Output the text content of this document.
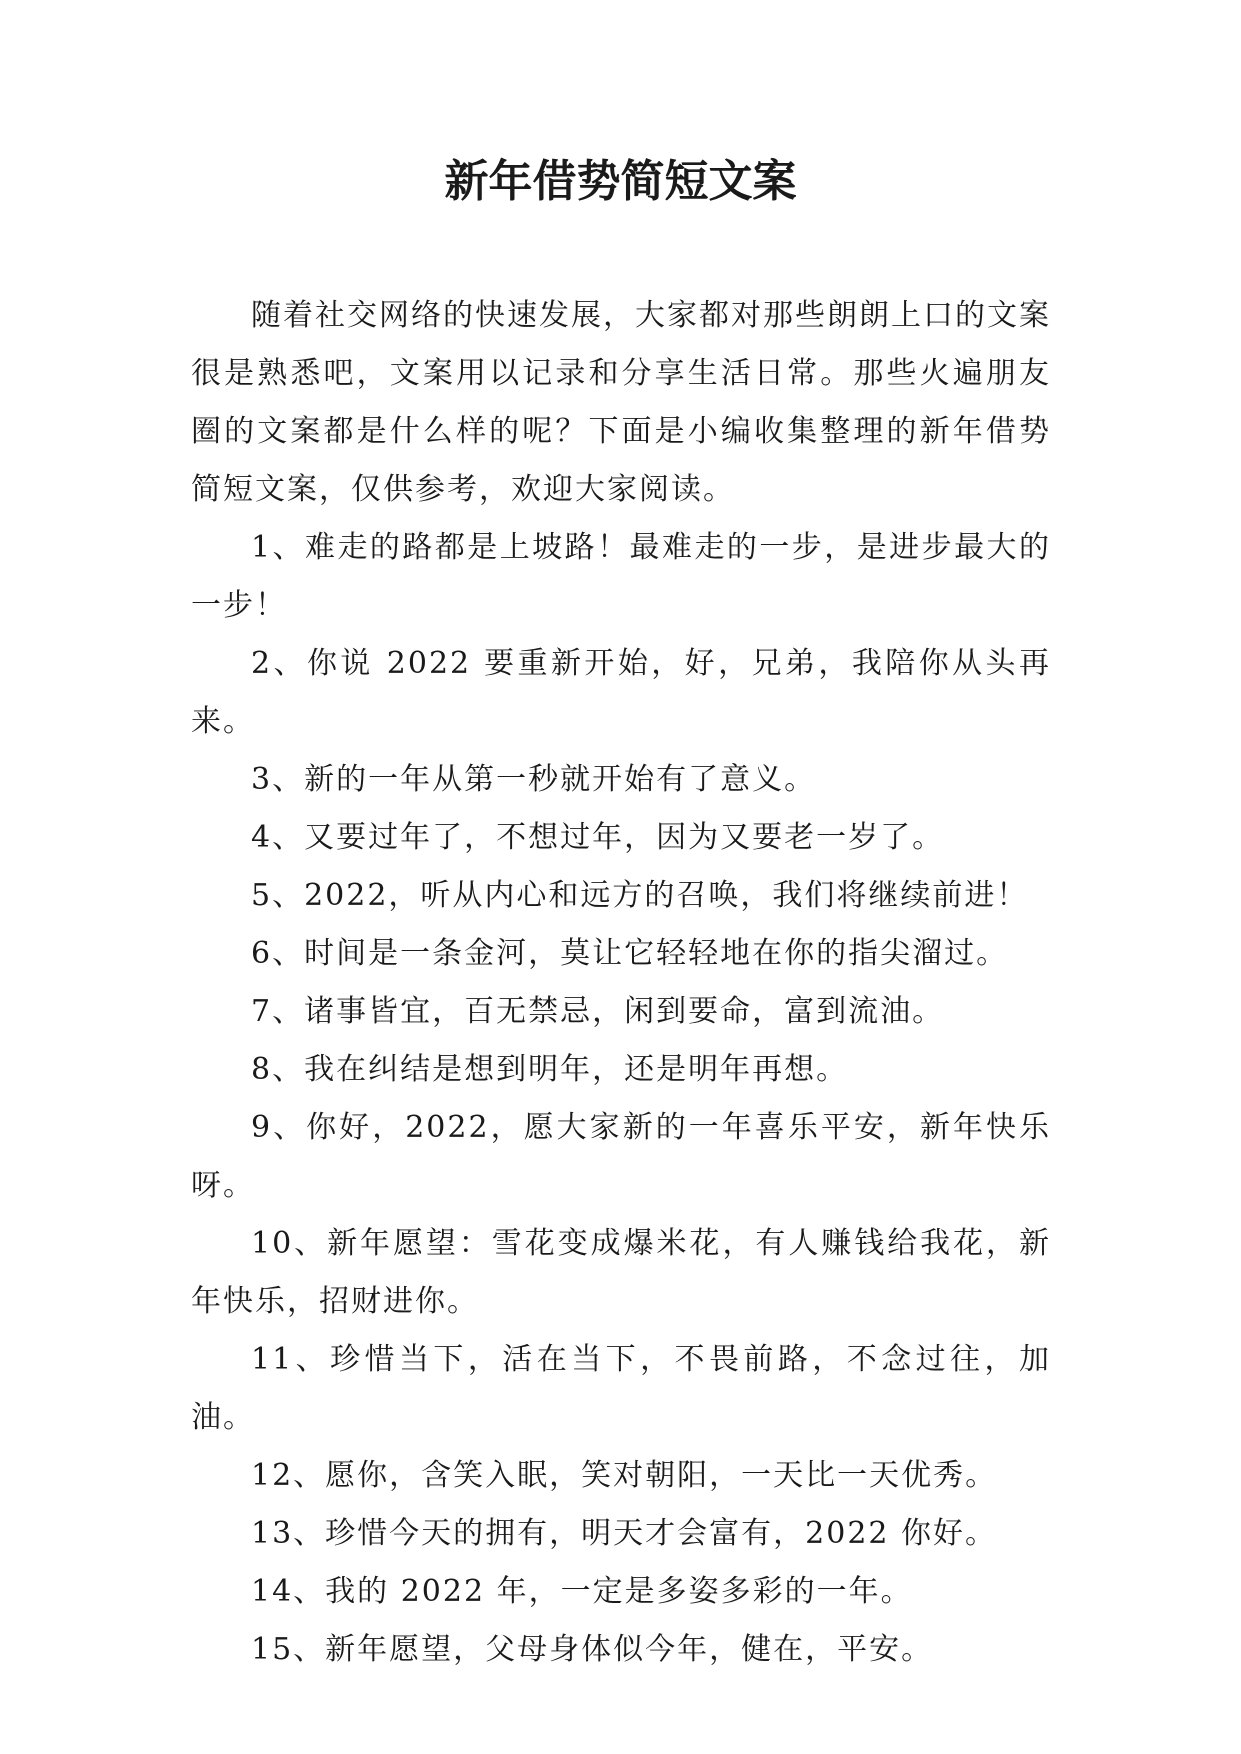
新年借势简短文案

随着社交网络的快速发展，大家都对那些朗朗上口的文案很是熟悉吧，文案用以记录和分享生活日常。那些火遍朋友圈的文案都是什么样的呢？下面是小编收集整理的新年借势简短文案，仅供参考，欢迎大家阅读。

1、难走的路都是上坡路！最难走的一步，是进步最大的一步！

2、你说 2022 要重新开始，好，兄弟，我陪你从头再来。

3、新的一年从第一秒就开始有了意义。

4、又要过年了，不想过年，因为又要老一岁了。

5、2022，听从内心和远方的召唤，我们将继续前进！

6、时间是一条金河，莫让它轻轻地在你的指尖溜过。

7、诸事皆宜，百无禁忌，闲到要命，富到流油。

8、我在纠结是想到明年，还是明年再想。

9、你好，2022，愿大家新的一年喜乐平安，新年快乐呀。

10、新年愿望：雪花变成爆米花，有人赚钱给我花，新年快乐，招财进你。

11、珍惜当下，活在当下，不畏前路，不念过往，加油。

12、愿你，含笑入眠，笑对朝阳，一天比一天优秀。

13、珍惜今天的拥有，明天才会富有，2022 你好。

14、我的 2022 年，一定是多姿多彩的一年。

15、新年愿望，父母身体似今年，健在，平安。
